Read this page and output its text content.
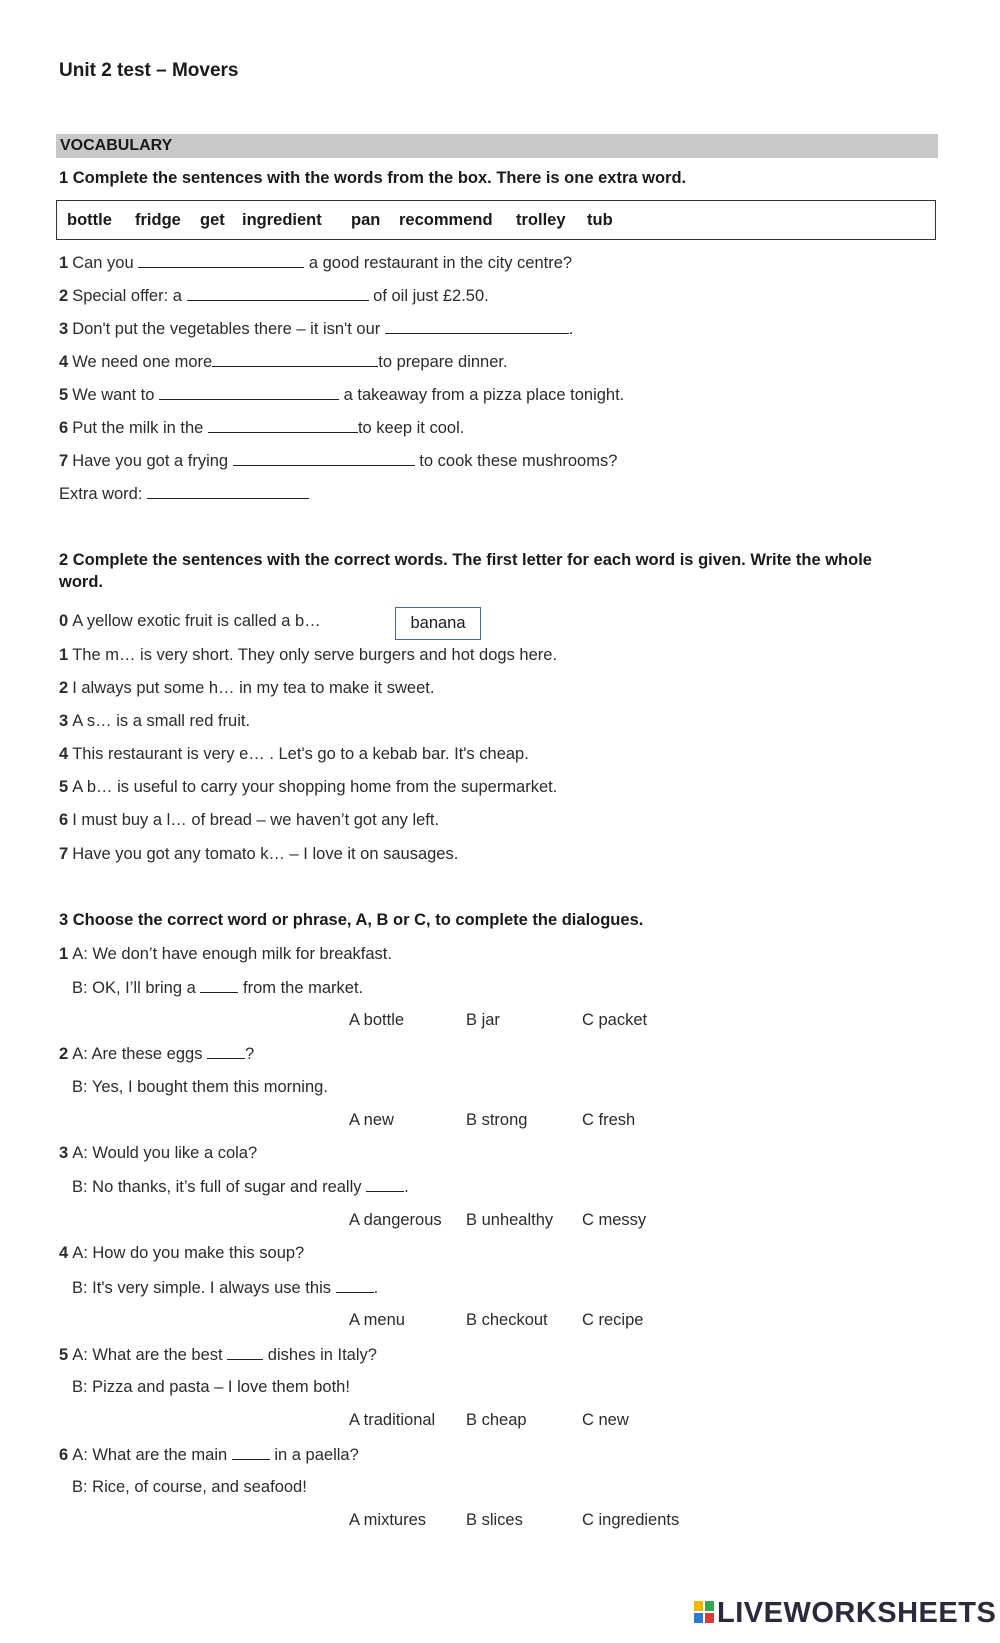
Unit 2 test – Movers
VOCABULARY
1 Complete the sentences with the words from the box. There is one extra word.
bottle fridge get ingredient pan recommend trolley tub
1 Can you	a good restaurant in the city centre?
2 Special offer: a	of oil just £2.50.
3 Don't put the vegetables there – it isn't our	.
4 We need one more	to prepare dinner.
5 We want to	a takeaway from a pizza place tonight.
6 Put the milk in the	to keep it cool.
7 Have you got a frying	to cook these mushrooms?
Extra word:
2 Complete the sentences with the correct words. The first letter for each word is given. Write the whole
word.
0 A yellow exotic fruit is called a b…	banana
1 The m… is very short. They only serve burgers and hot dogs here.
2 I always put some h… in my tea to make it sweet.
3 A s… is a small red fruit.
4 This restaurant is very e… . Let's go to a kebab bar. It's cheap.
5 A b… is useful to carry your shopping home from the supermarket.
6 I must buy a l… of bread – we haven’t got any left.
7 Have you got any tomato k… – I love it on sausages.
3 Choose the correct word or phrase, A, B or C, to complete the dialogues.
1 A: We don’t have enough milk for breakfast.
B: OK, I’ll bring a	from the market.
A bottle	B jar	C packet
2 A: Are these eggs	?
B: Yes, I bought them this morning.
A new	B strong	C fresh
3 A: Would you like a cola?
B: No thanks, it’s full of sugar and really	.
A dangerous B unhealthy C messy
4 A: How do you make this soup?
B: It's very simple. I always use this	.
A menu	B checkout C recipe
5 A: What are the best	dishes in Italy?
B: Pizza and pasta – I love them both!
A traditional B cheap	C new
6 A: What are the main	in a paella?
B: Rice, of course, and seafood!
A mixtures B slices	C ingredients
LIVEWORKSHEETS
